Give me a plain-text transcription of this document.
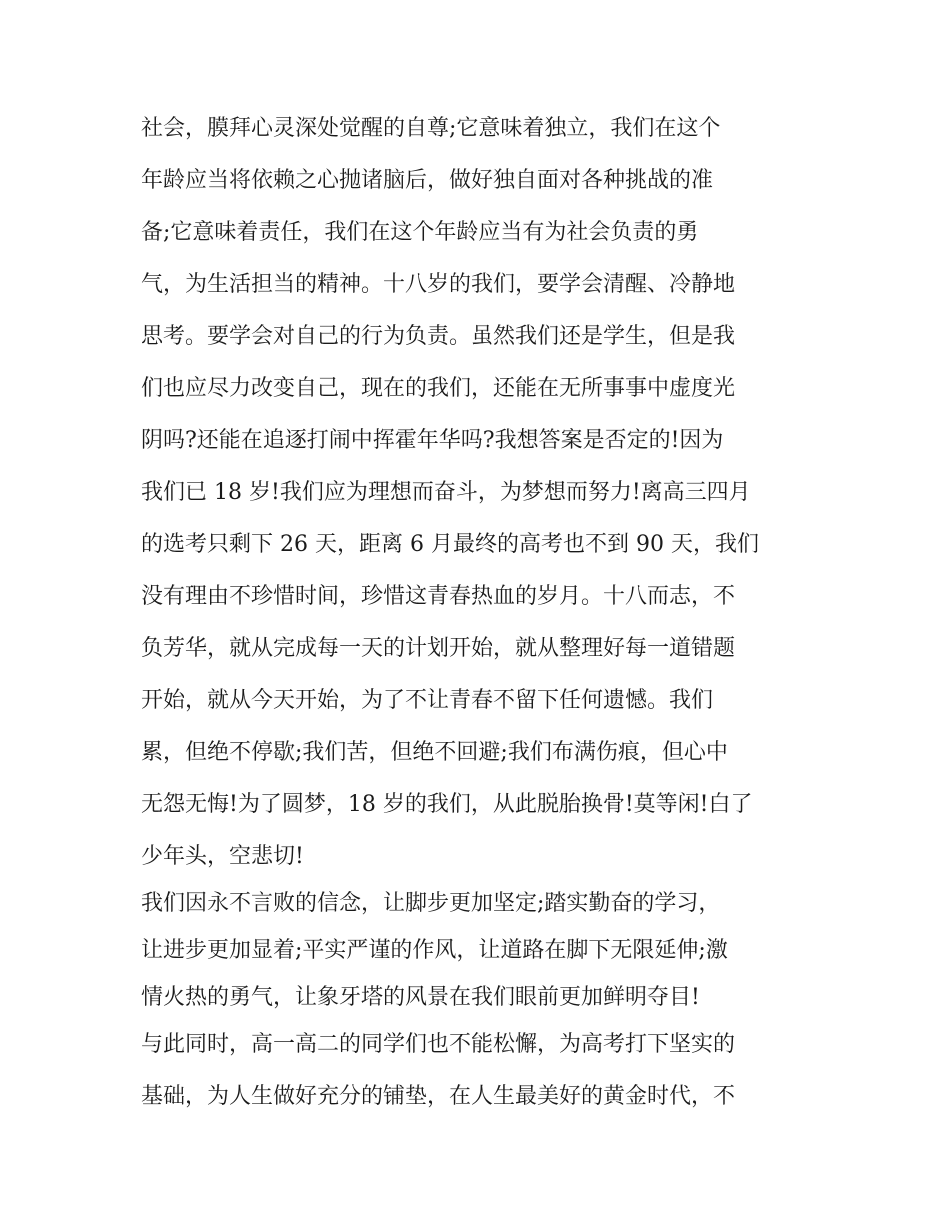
社会，膜拜心灵深处觉醒的自尊;它意味着独立，我们在这个
年龄应当将依赖之心抛诸脑后，做好独自面对各种挑战的准
备;它意味着责任，我们在这个年龄应当有为社会负责的勇
气，为生活担当的精神。十八岁的我们，要学会清醒、冷静地
思考。要学会对自己的行为负责。虽然我们还是学生，但是我
们也应尽力改变自己，现在的我们，还能在无所事事中虚度光
阴吗?还能在追逐打闹中挥霍年华吗?我想答案是否定的!因为
我们已 18 岁!我们应为理想而奋斗，为梦想而努力!离高三四月
的选考只剩下 26 天，距离 6 月最终的高考也不到 90 天，我们
没有理由不珍惜时间，珍惜这青春热血的岁月。十八而志，不
负芳华，就从完成每一天的计划开始，就从整理好每一道错题
开始，就从今天开始，为了不让青春不留下任何遗憾。我们
累，但绝不停歇;我们苦，但绝不回避;我们布满伤痕，但心中
无怨无悔!为了圆梦，18 岁的我们，从此脱胎换骨!莫等闲!白了
少年头，空悲切!
我们因永不言败的信念，让脚步更加坚定;踏实勤奋的学习，
让进步更加显着;平实严谨的作风，让道路在脚下无限延伸;激
情火热的勇气，让象牙塔的风景在我们眼前更加鲜明夺目!
与此同时，高一高二的同学们也不能松懈，为高考打下坚实的
基础，为人生做好充分的铺垫，在人生最美好的黄金时代，不
